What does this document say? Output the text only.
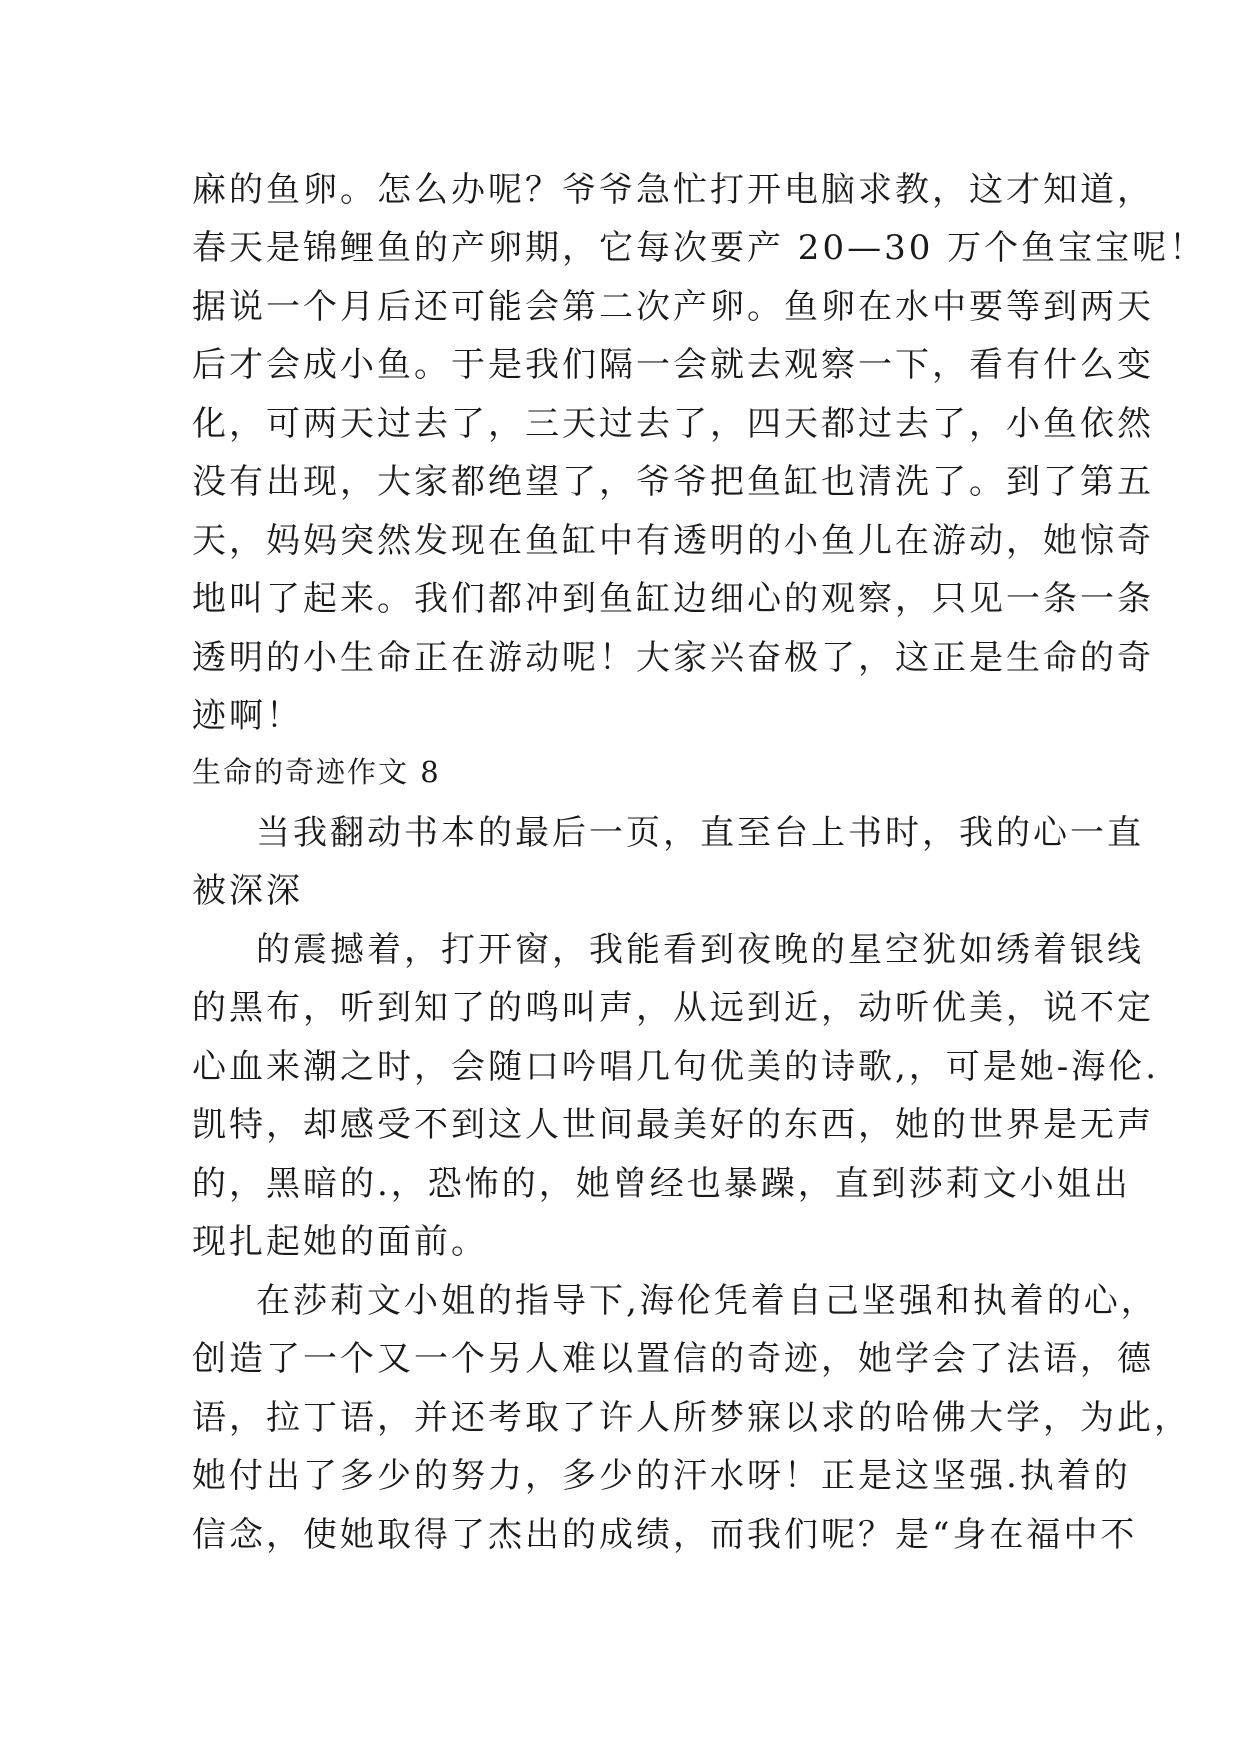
麻的鱼卵。怎么办呢？爷爷急忙打开电脑求教，这才知道，
春天是锦鲤鱼的产卵期，它每次要产 20—30 万个鱼宝宝呢！
据说一个月后还可能会第二次产卵。鱼卵在水中要等到两天
后才会成小鱼。于是我们隔一会就去观察一下，看有什么变
化，可两天过去了，三天过去了，四天都过去了，小鱼依然
没有出现，大家都绝望了，爷爷把鱼缸也清洗了。到了第五
天，妈妈突然发现在鱼缸中有透明的小鱼儿在游动，她惊奇
地叫了起来。我们都冲到鱼缸边细心的观察，只见一条一条
透明的小生命正在游动呢！大家兴奋极了，这正是生命的奇
迹啊！
生命的奇迹作文 8
当我翻动书本的最后一页，直至台上书时，我的心一直
被深深
的震撼着，打开窗，我能看到夜晚的星空犹如绣着银线
的黑布，听到知了的鸣叫声，从远到近，动听优美，说不定
心血来潮之时，会随口吟唱几句优美的诗歌,，可是她-海伦.
凯特，却感受不到这人世间最美好的东西，她的世界是无声
的，黑暗的.，恐怖的，她曾经也暴躁，直到莎莉文小姐出
现扎起她的面前。
在莎莉文小姐的指导下,海伦凭着自己坚强和执着的心，
创造了一个又一个另人难以置信的奇迹，她学会了法语，德
语，拉丁语，并还考取了许人所梦寐以求的哈佛大学，为此，
她付出了多少的努力，多少的汗水呀！正是这坚强.执着的
信念，使她取得了杰出的成绩，而我们呢？是“身在福中不
